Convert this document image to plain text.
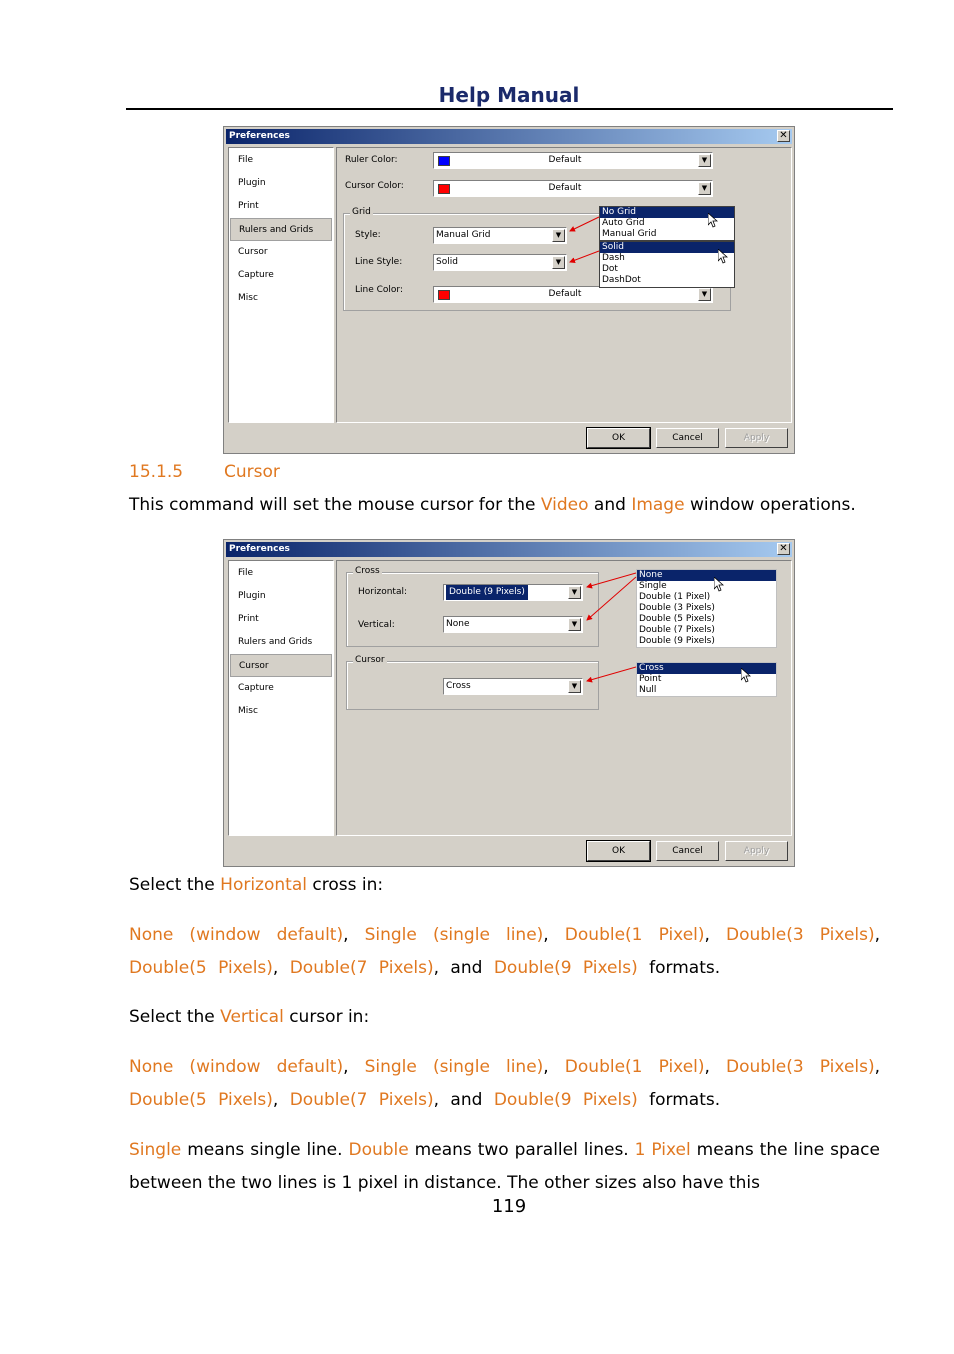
Help Manual
Preferences	✕
File
Plugin
Print
Rulers and Grids
Cursor
Capture
Misc
Ruler Color:	Default	▼
Cursor Color:	Default	▼
Grid
Style:	Manual Grid	▼
Line Style:	Solid	▼
Line Color:	Default	▼
No Grid
Auto Grid
Manual Grid
Solid
Dash
Dot
DashDot
OK	Cancel	Apply
15.1.5 Cursor
This command will set the mouse cursor for the Video and Image window operations.
Preferences	✕
File
Plugin
Print
Rulers and Grids
Cursor
Capture
Misc
Cross
Horizontal:	Double (9 Pixels)	▼
Vertical:	None	▼
Cursor
Cross	▼
None
Single
Double (1 Pixel)
Double (3 Pixels)
Double (5 Pixels)
Double (7 Pixels)
Double (9 Pixels)
Cross
Point
Null
OK	Cancel	Apply
Select the Horizontal cross in:
None (window default), Single (single line), Double(1 Pixel), Double(3 Pixels), Double(5 Pixels), Double(7 Pixels), and Double(9 Pixels) formats.
Select the Vertical cursor in:
None (window default), Single (single line), Double(1 Pixel), Double(3 Pixels), Double(5 Pixels), Double(7 Pixels), and Double(9 Pixels) formats.
Single means single line. Double means two parallel lines. 1 Pixel means the line space between the two lines is 1 pixel in distance. The other sizes also have this
119
